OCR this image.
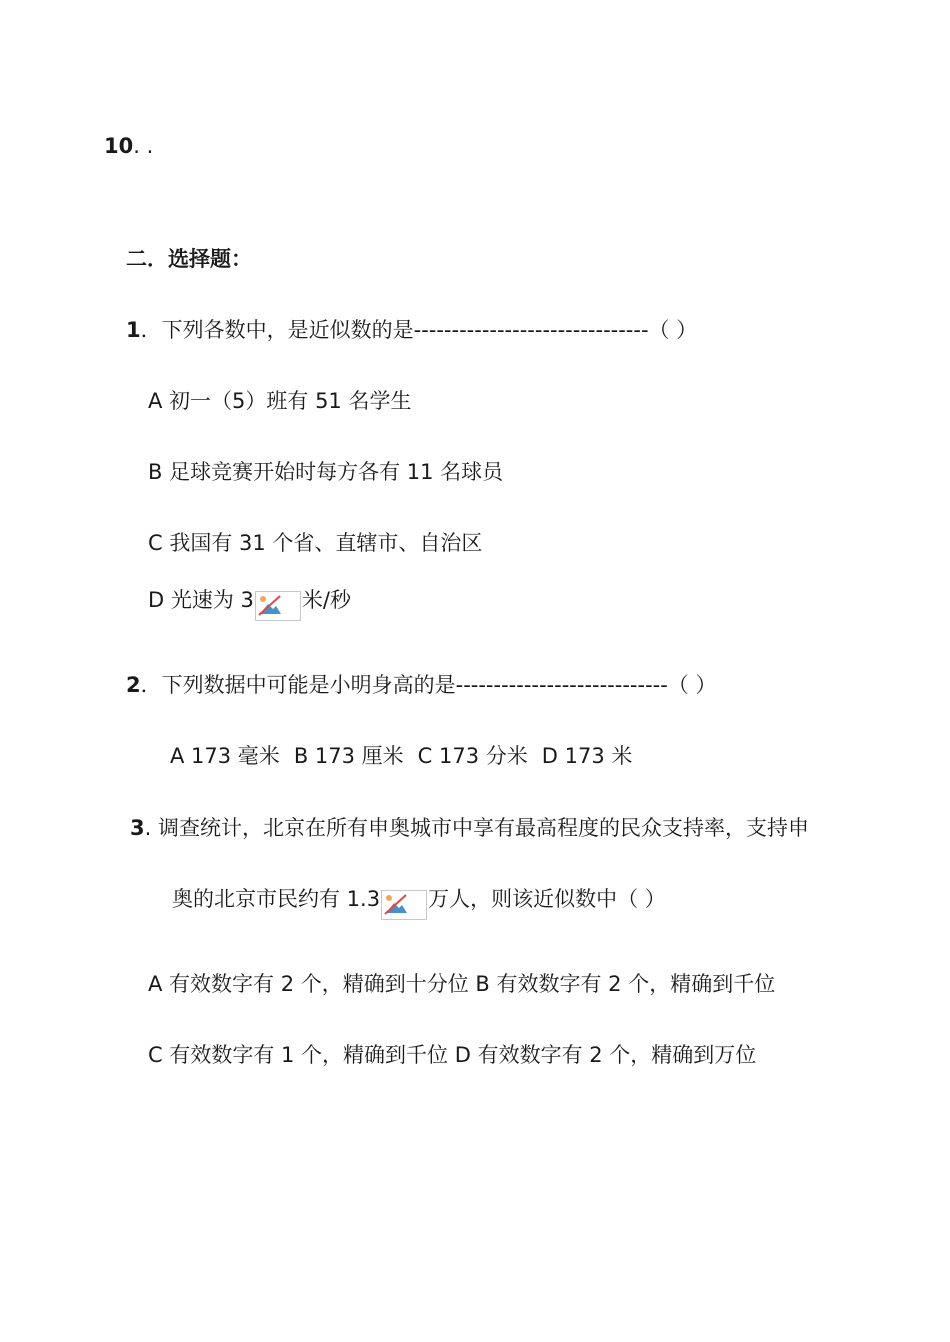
10. .
二．选择题：
1．下列各数中，是近似数的是-------------------------------（ ）
A 初一（5）班有 51 名学生
B 足球竞赛开始时每方各有 11 名球员
C 我国有 31 个省、直辖市、自治区
D 光速为 3 米/秒
2．下列数据中可能是小明身高的是----------------------------（ ）
A 173 毫米 B 173 厘米 C 173 分米 D 173 米
3. 调查统计，北京在所有申奥城市中享有最高程度的民众支持率，支持申
奥的北京市民约有 1.3 万人，则该近似数中（ ）
A 有效数字有 2 个，精确到十分位 B 有效数字有 2 个，精确到千位
C 有效数字有 1 个，精确到千位 D 有效数字有 2 个，精确到万位
